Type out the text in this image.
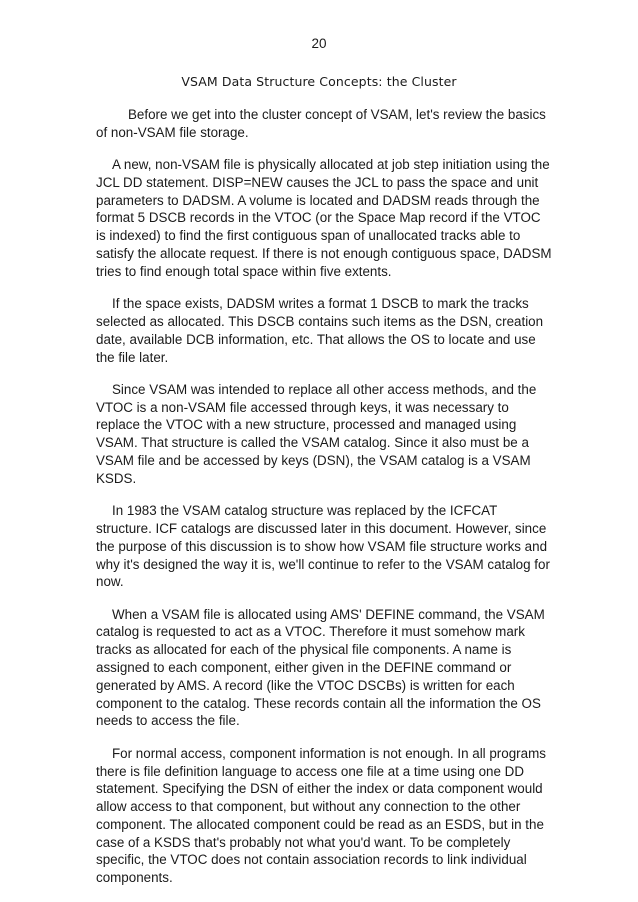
20
VSAM Data Structure Concepts: the Cluster

Before we get into the cluster concept of VSAM, let's review the basics of non-VSAM file storage.

A new, non-VSAM file is physically allocated at job step initiation using the JCL DD statement. DISP=NEW causes the JCL to pass the space and unit parameters to DADSM. A volume is located and DADSM reads through the format 5 DSCB records in the VTOC (or the Space Map record if the VTOC is indexed) to find the first contiguous span of unallocated tracks able to satisfy the allocate request. If there is not enough contiguous space, DADSM tries to find enough total space within five extents.

If the space exists, DADSM writes a format 1 DSCB to mark the tracks selected as allocated. This DSCB contains such items as the DSN, creation date, available DCB information, etc. That allows the OS to locate and use the file later.

Since VSAM was intended to replace all other access methods, and the VTOC is a non-VSAM file accessed through keys, it was necessary to replace the VTOC with a new structure, processed and managed using VSAM. That structure is called the VSAM catalog. Since it also must be a VSAM file and be accessed by keys (DSN), the VSAM catalog is a VSAM KSDS.

In 1983 the VSAM catalog structure was replaced by the ICFCAT structure. ICF catalogs are discussed later in this document. However, since the purpose of this discussion is to show how VSAM file structure works and why it's designed the way it is, we'll continue to refer to the VSAM catalog for now.

When a VSAM file is allocated using AMS' DEFINE command, the VSAM catalog is requested to act as a VTOC. Therefore it must somehow mark tracks as allocated for each of the physical file components. A name is assigned to each component, either given in the DEFINE command or generated by AMS. A record (like the VTOC DSCBs) is written for each component to the catalog. These records contain all the information the OS needs to access the file.

For normal access, component information is not enough. In all programs there is file definition language to access one file at a time using one DD statement. Specifying the DSN of either the index or data component would allow access to that component, but without any connection to the other component. The allocated component could be read as an ESDS, but in the case of a KSDS that's probably not what you'd want. To be completely specific, the VTOC does not contain association records to link individual components.
